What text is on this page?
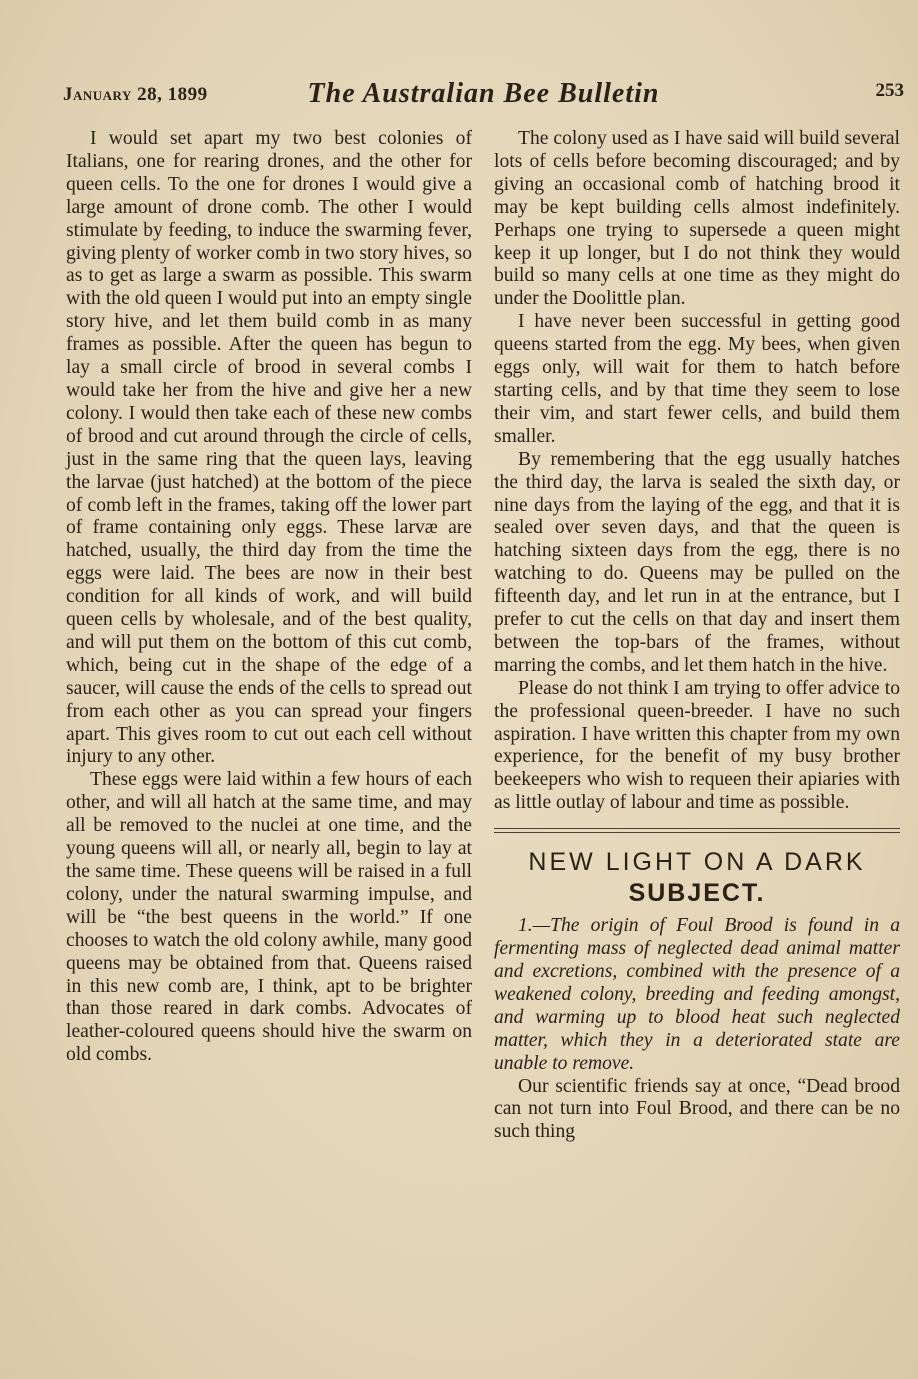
January 28, 1899	The Australian Bee Bulletin	253

I would set apart my two best colonies of Italians, one for rearing drones, and the other for queen cells. To the one for drones I would give a large amount of drone comb. The other I would stimulate by feeding, to induce the swarming fever, giving plenty of worker comb in two story hives, so as to get as large a swarm as possible. This swarm with the old queen I would put into an empty single story hive, and let them build comb in as many frames as possible. After the queen has begun to lay a small circle of brood in several combs I would take her from the hive and give her a new colony. I would then take each of these new combs of brood and cut around through the circle of cells, just in the same ring that the queen lays, leaving the larvae (just hatched) at the bottom of the piece of comb left in the frames, taking off the lower part of frame containing only eggs. These larvæ are hatched, usually, the third day from the time the eggs were laid. The bees are now in their best condition for all kinds of work, and will build queen cells by wholesale, and of the best quality, and will put them on the bottom of this cut comb, which, being cut in the shape of the edge of a saucer, will cause the ends of the cells to spread out from each other as you can spread your fingers apart. This gives room to cut out each cell without injury to any other.

These eggs were laid within a few hours of each other, and will all hatch at the same time, and may all be removed to the nuclei at one time, and the young queens will all, or nearly all, begin to lay at the same time. These queens will be raised in a full colony, under the natural swarming impulse, and will be “the best queens in the world.” If one chooses to watch the old colony awhile, many good queens may be obtained from that. Queens raised in this new comb are, I think, apt to be brighter than those reared in dark combs. Advocates of leather-coloured queens should hive the swarm on old combs.

The colony used as I have said will build several lots of cells before becoming discouraged; and by giving an occasional comb of hatching brood it may be kept building cells almost indefinitely. Perhaps one trying to supersede a queen might keep it up longer, but I do not think they would build so many cells at one time as they might do under the Doolittle plan.

I have never been successful in getting good queens started from the egg. My bees, when given eggs only, will wait for them to hatch before starting cells, and by that time they seem to lose their vim, and start fewer cells, and build them smaller.

By remembering that the egg usually hatches the third day, the larva is sealed the sixth day, or nine days from the laying of the egg, and that it is sealed over seven days, and that the queen is hatching sixteen days from the egg, there is no watching to do. Queens may be pulled on the fifteenth day, and let run in at the entrance, but I prefer to cut the cells on that day and insert them between the top-bars of the frames, without marring the combs, and let them hatch in the hive.

Please do not think I am trying to offer advice to the professional queen-breeder. I have no such aspiration. I have written this chapter from my own experience, for the benefit of my busy brother beekeepers who wish to requeen their apiaries with as little outlay of labour and time as possible.

NEW LIGHT ON A DARK
SUBJECT.

1.—The origin of Foul Brood is found in a fermenting mass of neglected dead animal matter and excretions, combined with the presence of a weakened colony, breeding and feeding amongst, and warming up to blood heat such neglected matter, which they in a deteriorated state are unable to remove.

Our scientific friends say at once, “Dead brood can not turn into Foul Brood, and there can be no such thing
